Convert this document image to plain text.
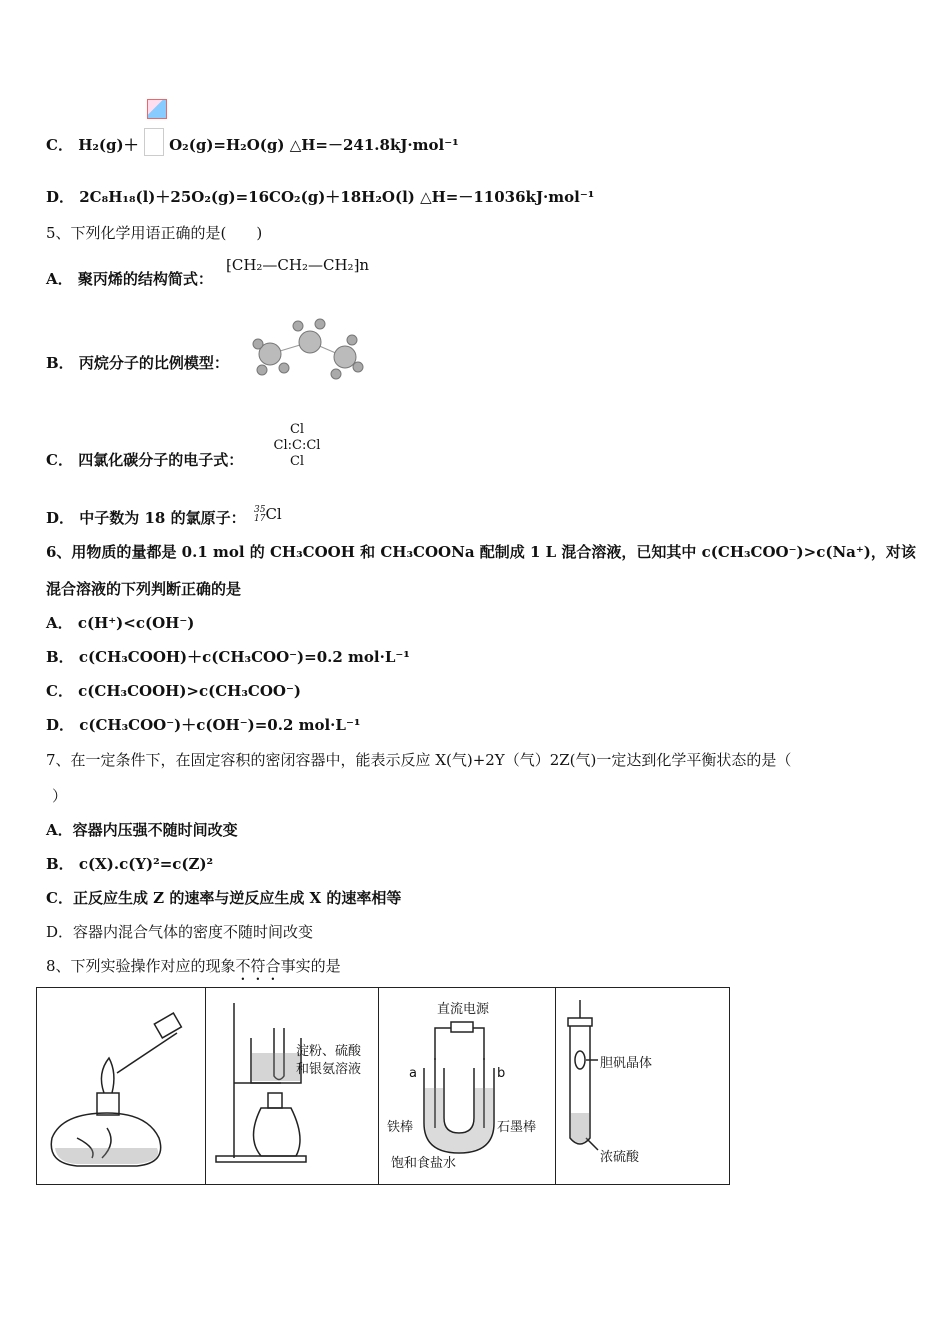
C． H₂(g)＋ O₂(g)=H₂O(g) △H=－241.8kJ·mol⁻¹
D． 2C₈H₁₈(l)＋25O₂(g)=16CO₂(g)＋18H₂O(l) △H=－11036kJ·mol⁻¹
5、下列化学用语正确的是(　　)
A． 聚丙烯的结构简式：
⁅CH₂—CH₂—CH₂⁆n
B． 丙烷分子的比例模型：
C． 四氯化碳分子的电子式：
Cl
Cl:C:Cl
Cl
D． 中子数为 18 的氯原子： 35
17 Cl
6、用物质的量都是 0.1 mol 的 CH₃COOH 和 CH₃COONa 配制成 1 L 混合溶液，已知其中 c(CH₃COO⁻)>c(Na⁺)，对该
混合溶液的下列判断正确的是
A． c(H⁺)<c(OH⁻)
B． c(CH₃COOH)＋c(CH₃COO⁻)=0.2 mol·L⁻¹
C． c(CH₃COOH)>c(CH₃COO⁻)
D． c(CH₃COO⁻)＋c(OH⁻)=0.2 mol·L⁻¹
7、在一定条件下，在固定容积的密闭容器中，能表示反应 X(气)+2Y（气）2Z(气)一定达到化学平衡状态的是（
）
A．容器内压强不随时间改变
B． c(X).c(Y)²=c(Z)²
C．正反应生成 Z 的速率与逆反应生成 X 的速率相等
D．容器内混合气体的密度不随时间改变
8、下列实验操作对应的现象不符合事实的是
淀粉、硫酸
和银氨溶液
直流电源
a	b
铁棒	石墨棒
饱和食盐水
胆矾晶体
浓硫酸
